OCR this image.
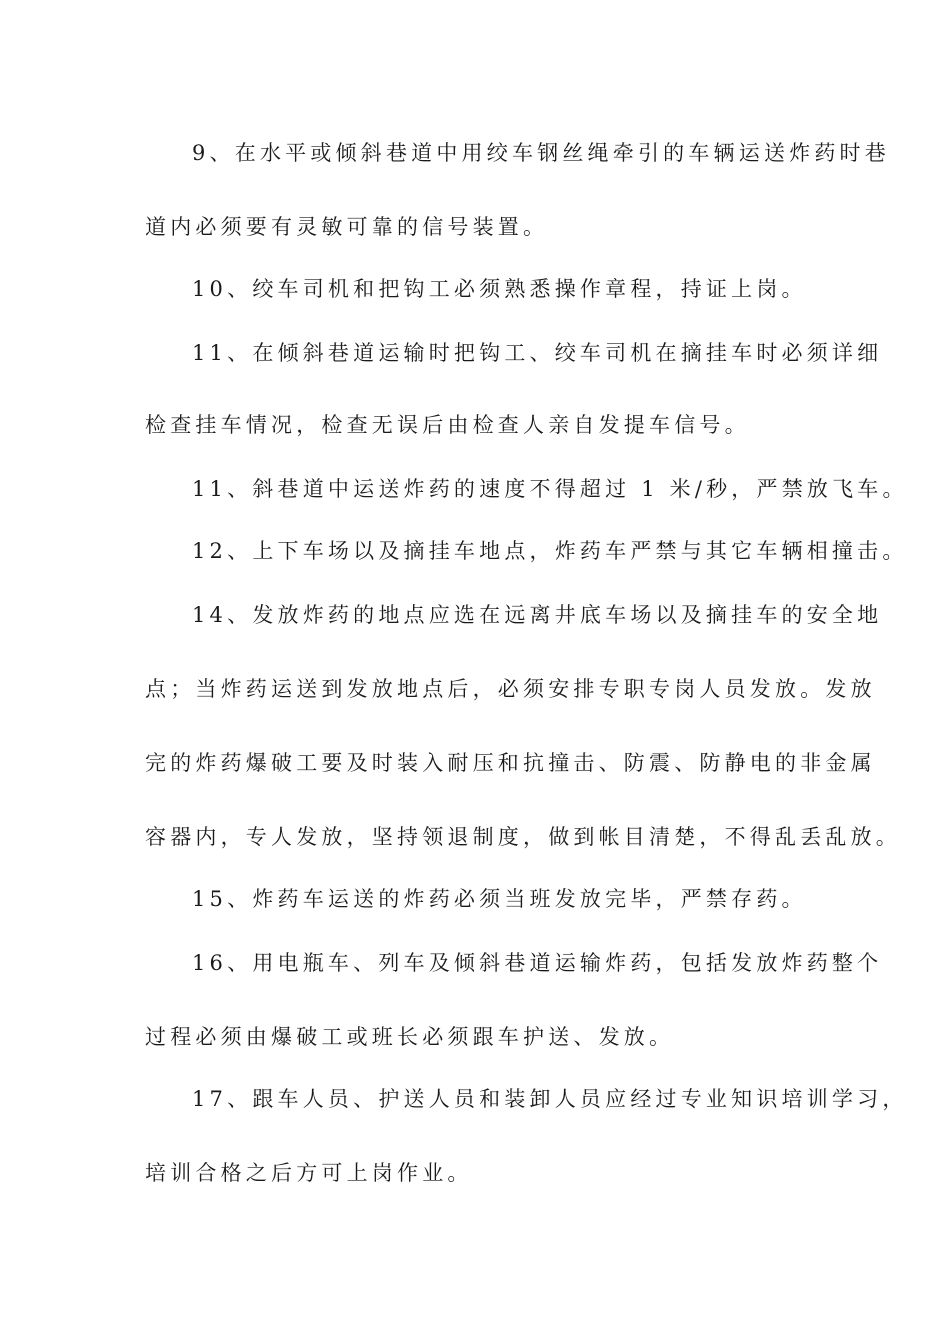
9、在水平或倾斜巷道中用绞车钢丝绳牵引的车辆运送炸药时巷
道内必须要有灵敏可靠的信号装置。
10、绞车司机和把钩工必须熟悉操作章程，持证上岗。
11、在倾斜巷道运输时把钩工、绞车司机在摘挂车时必须详细
检查挂车情况，检查无误后由检查人亲自发提车信号。
11、斜巷道中运送炸药的速度不得超过 1 米/秒，严禁放飞车。
12、上下车场以及摘挂车地点，炸药车严禁与其它车辆相撞击。
14、发放炸药的地点应选在远离井底车场以及摘挂车的安全地
点；当炸药运送到发放地点后，必须安排专职专岗人员发放。发放
完的炸药爆破工要及时装入耐压和抗撞击、防震、防静电的非金属
容器内，专人发放，坚持领退制度，做到帐目清楚，不得乱丢乱放。
15、炸药车运送的炸药必须当班发放完毕，严禁存药。
16、用电瓶车、列车及倾斜巷道运输炸药，包括发放炸药整个
过程必须由爆破工或班长必须跟车护送、发放。
17、跟车人员、护送人员和装卸人员应经过专业知识培训学习，
培训合格之后方可上岗作业。
